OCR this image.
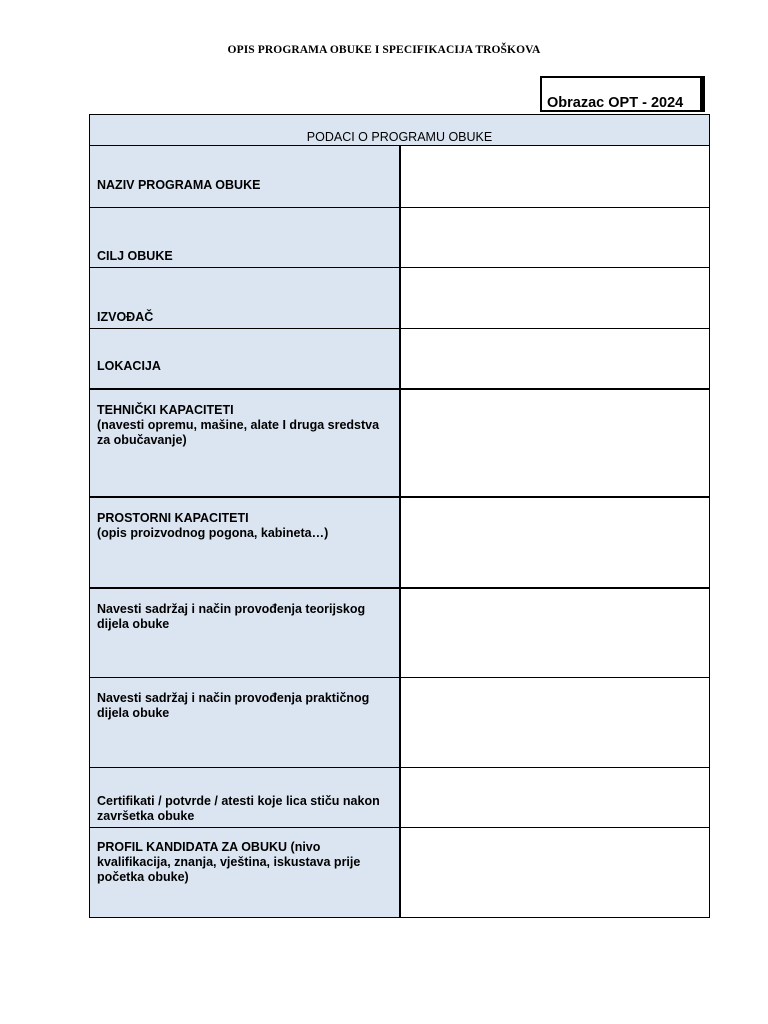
OPIS PROGRAMA OBUKE I SPECIFIKACIJA TROŠKOVA
Obrazac OPT - 2024
PODACI O PROGRAMU OBUKE	
NAZIV PROGRAMA OBUKE	
CILJ OBUKE	
IZVOĐAČ	
LOKACIJA	
TEHNIČKI KAPACITETI
(navesti opremu, mašine, alate I druga sredstva za obučavanje)	

PROSTORNI KAPACITETI
(opis proizvodnog pogona, kabineta…)	

Navesti sadržaj i način provođenja teorijskog dijela obuke	
Navesti sadržaj i način provođenja praktičnog dijela obuke	
Certifikati / potvrde / atesti koje lica stiču nakon završetka obuke	
PROFIL KANDIDATA ZA OBUKU (nivo kvalifikacija, znanja, vještina, iskustava prije početka obuke)	
